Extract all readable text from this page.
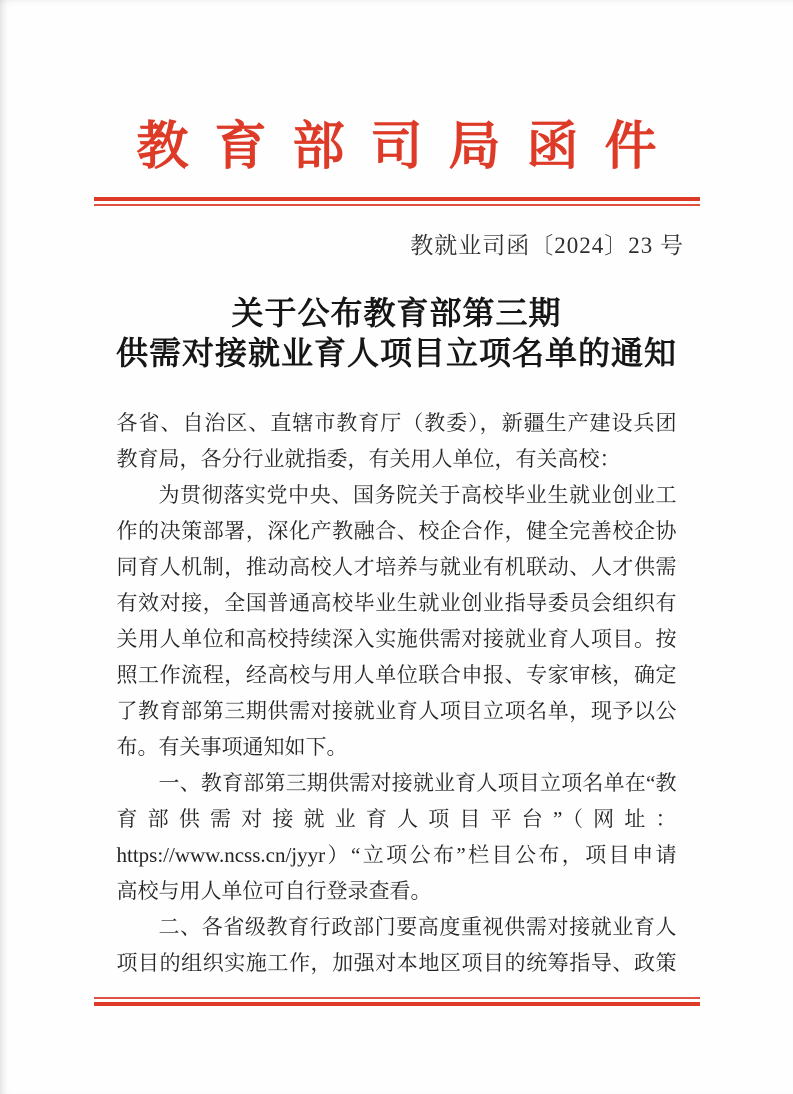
教育部司局函件
教就业司函〔2024〕23 号
关于公布教育部第三期
供需对接就业育人项目立项名单的通知
各省、自治区、直辖市教育厅（教委），新疆生产建设兵团
教育局，各分行业就指委，有关用人单位，有关高校：
为贯彻落实党中央、国务院关于高校毕业生就业创业工
作的决策部署，深化产教融合、校企合作，健全完善校企协
同育人机制，推动高校人才培养与就业有机联动、人才供需
有效对接，全国普通高校毕业生就业创业指导委员会组织有
关用人单位和高校持续深入实施供需对接就业育人项目。按
照工作流程，经高校与用人单位联合申报、专家审核，确定
了教育部第三期供需对接就业育人项目立项名单，现予以公
布。有关事项通知如下。
一、教育部第三期供需对接就业育人项目立项名单在“教
育部供需对接就业育人项目平台”（网址：
https://www.ncss.cn/jyyr）“立项公布”栏目公布，项目申请
高校与用人单位可自行登录查看。
二、各省级教育行政部门要高度重视供需对接就业育人
项目的组织实施工作，加强对本地区项目的统筹指导、政策
